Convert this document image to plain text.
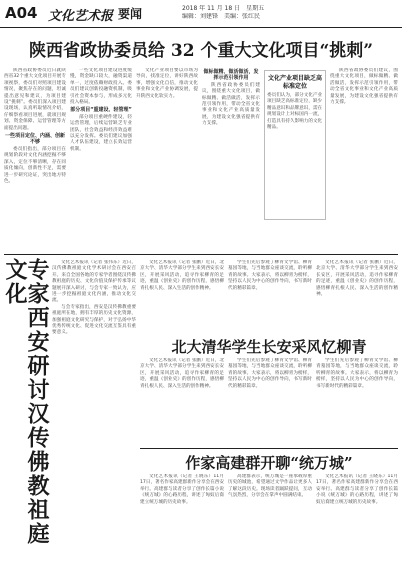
A04 文化艺术报 要闻	2018 年 11 月 18 日　星期五
编辑：刘建锋　美编：张红民
陕西省政协委员给 32 个重大文化项目“挑刺”

陕西省政协委员近日就陕西省32个重大文化项目开展专项视察，委员们对照项目建设情况，聚焦存在的问题，坦诚提出意见和建议，为项目建设“挑刺”。委员们深入项目建设现场，认真听取情况介绍，仔细察看项目进展，就项目规划、资金保障、运营管理等方面提出问题。

一些项目定位、内涵、创新不够

委员们指出，部分项目在规划阶段对文化内涵挖掘不够深入，定位不够清晰，存在同质化倾向，创新性不足，需要进一步研究论证，突出地方特色。

一些文化项目建设进度缓慢，资金缺口较大，融资渠道单一，过度依赖财政投入。委员们建议创新投融资机制，吸引社会资本参与，形成多元化投入格局。

部分项目“重建设、轻管理”

部分项目重硬件建设，轻运营管理，后续运营缺乏专业团队，社会效益和经济效益难以充分发挥。委员们建议加强人才队伍建设，建立长效运营机制。

文化产业项目要以市场为导向，找准定位，讲好陕西故事，增强文化自信，推动文化事业和文化产业协调发展，提升陕西文化软实力。

做标做精、做活做活，发挥示范引领作用

陕西省政协委员们建议，围绕重大文化项目，做标做精、做活做活，发挥示范引领作用，带动全省文化事业和文化产业高质量发展，为建设文化强省提供有力支撑。

文化产业项目缺乏高标准定位

委员们认为，部分文化产业项目缺乏高标准定位，缺少精品意识和品牌意识，需在规划设计上对标国内一流，打造具有持久影响力的文化精品。

陕西省政协委员们建议，围绕重大文化项目，做标做精、做活做活，发挥示范引领作用，带动全省文化事业和文化产业高质量发展，为建设文化强省提供有力支撑。

专家西安研讨汉传佛教祖庭文化	文化艺术报讯（记者 张伟东）近日，汉传佛教祖庭文化学术研讨会在西安召开。来自全国各地的专家学者围绕汉传佛教祖庭的历史、文化价值及保护传承等议题展开深入研讨，与会专家一致认为，应进一步挖掘祖庭文化内涵，推动文化交流。

与会专家指出，西安是汉传佛教重要祖庭所在地，拥有丰厚的历史文化资源，加强祖庭文化研究与保护，对于弘扬中华优秀传统文化、促进文化交流互鉴具有重要意义。

文化艺术报讯（记者 张鹏）近日，北京大学、清华大学部分学生来到西安长安区，开展采风活动，追寻作家柳青的足迹，重温《创业史》的创作历程，感悟柳青扎根人民、深入生活的创作精神。

学生们先后参观了柳青文学馆、柳青墓园等地，与当地群众座谈交流，聆听柳青的故事。大家表示，将以柳青为榜样，坚持以人民为中心的创作导向，书写新时代的精彩篇章。

文化艺术报讯（记者 张鹏）近日，北京大学、清华大学部分学生来到西安长安区，开展采风活动，追寻作家柳青的足迹，重温《创业史》的创作历程，感悟柳青扎根人民、深入生活的创作精神。

北大清华学生长安采风忆柳青

文化艺术报讯（记者 张鹏）近日，北京大学、清华大学部分学生来到西安长安区，开展采风活动，追寻作家柳青的足迹，重温《创业史》的创作历程，感悟柳青扎根人民、深入生活的创作精神。

学生们先后参观了柳青文学馆、柳青墓园等地，与当地群众座谈交流，聆听柳青的故事。大家表示，将以柳青为榜样，坚持以人民为中心的创作导向，书写新时代的精彩篇章。

学生们先后参观了柳青文学馆、柳青墓园等地，与当地群众座谈交流，聆听柳青的故事。大家表示，将以柳青为榜样，坚持以人民为中心的创作导向，书写新时代的精彩篇章。

作家高建群开聊“统万城”

文化艺术报讯（记者 王晓东）11月17日，著名作家高建群新作分享会在西安举行。高建群与读者分享了创作长篇小说《统万城》的心路历程，讲述了匈奴后裔建立统万城的历史故事。

高建群表示，统万城是一座承载厚重历史的城池，希望通过文学作品让更多人了解这段历史。现场读者踊跃提问，互动气氛热烈，分享会在掌声中圆满结束。

文化艺术报讯（记者 王晓东）11月17日，著名作家高建群新作分享会在西安举行。高建群与读者分享了创作长篇小说《统万城》的心路历程，讲述了匈奴后裔建立统万城的历史故事。
